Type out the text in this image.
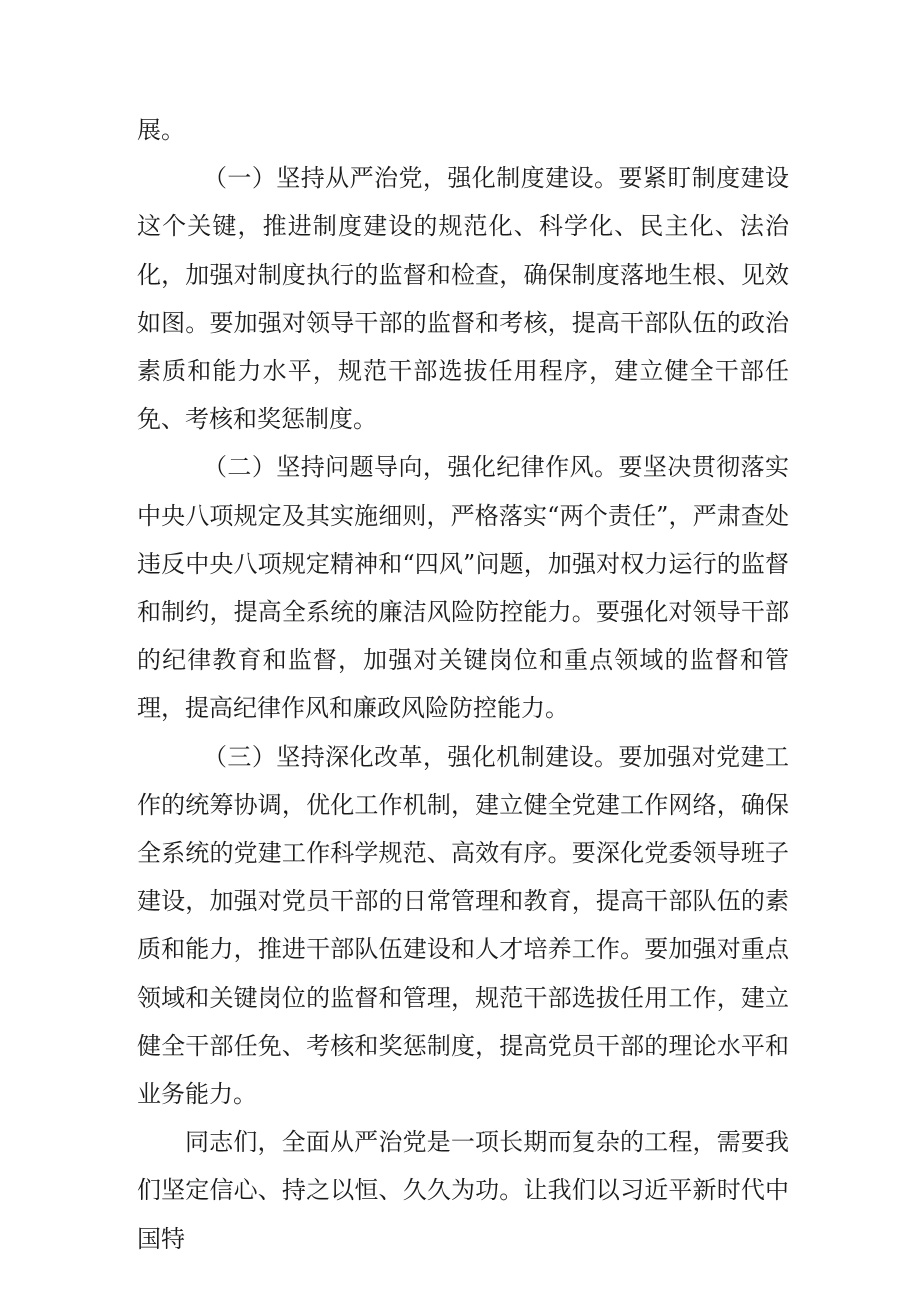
展。

（一）坚持从严治党，强化制度建设。要紧盯制度建设这个关键，推进制度建设的规范化、科学化、民主化、法治化，加强对制度执行的监督和检查，确保制度落地生根、见效如图。要加强对领导干部的监督和考核，提高干部队伍的政治素质和能力水平，规范干部选拔任用程序，建立健全干部任免、考核和奖惩制度。

（二）坚持问题导向，强化纪律作风。要坚决贯彻落实中央八项规定及其实施细则，严格落实“两个责任”，严肃查处违反中央八项规定精神和“四风”问题，加强对权力运行的监督和制约，提高全系统的廉洁风险防控能力。要强化对领导干部的纪律教育和监督，加强对关键岗位和重点领域的监督和管理，提高纪律作风和廉政风险防控能力。

（三）坚持深化改革，强化机制建设。要加强对党建工作的统筹协调，优化工作机制，建立健全党建工作网络，确保全系统的党建工作科学规范、高效有序。要深化党委领导班子建设，加强对党员干部的日常管理和教育，提高干部队伍的素质和能力，推进干部队伍建设和人才培养工作。要加强对重点领域和关键岗位的监督和管理，规范干部选拔任用工作，建立健全干部任免、考核和奖惩制度，提高党员干部的理论水平和业务能力。

同志们，全面从严治党是一项长期而复杂的工程，需要我们坚定信心、持之以恒、久久为功。让我们以习近平新时代中国特
